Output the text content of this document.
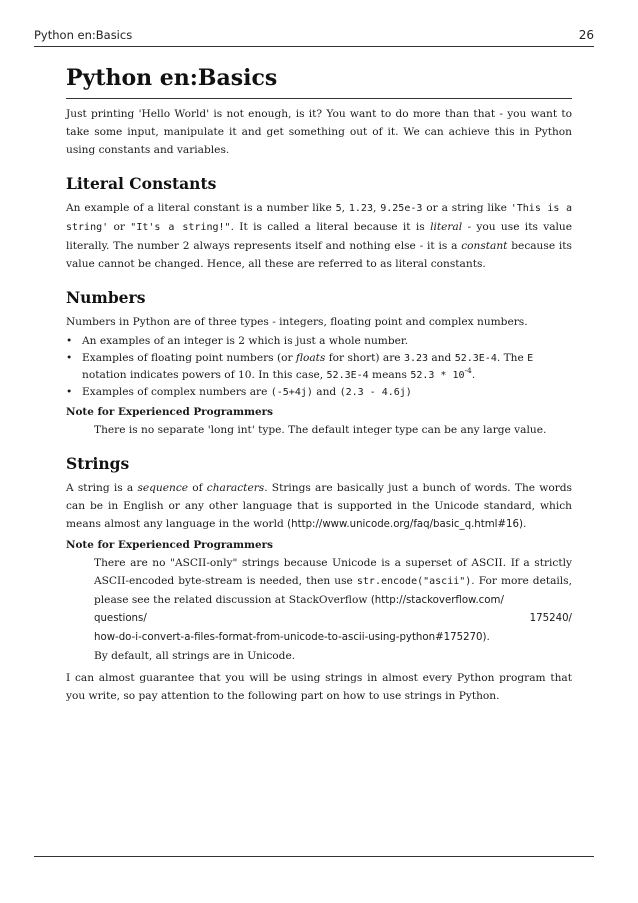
Python en:Basics	26
Python en:Basics

Just printing 'Hello World' is not enough, is it? You want to do more than that - you want to take some input, manipulate it and get something out of it. We can achieve this in Python using constants and variables.

Literal Constants

An example of a literal constant is a number like 5, 1.23, 9.25e-3 or a string like 'This is a string' or "It's a string!". It is called a literal because it is literal - you use its value literally. The number 2 always represents itself and nothing else - it is a constant because its value cannot be changed. Hence, all these are referred to as literal constants.

Numbers

Numbers in Python are of three types - integers, floating point and complex numbers.

• An examples of an integer is 2 which is just a whole number.
• Examples of floating point numbers (or floats for short) are 3.23 and 52.3E-4. The E notation indicates powers of 10. In this case, 52.3E-4 means $52.3 * 10^{-4}$.
• Examples of complex numbers are (-5+4j) and (2.3 - 4.6j)
Note for Experienced Programmers

There is no separate 'long int' type. The default integer type can be any large value.

Strings

A string is a sequence of characters. Strings are basically just a bunch of words. The words can be in English or any other language that is supported in the Unicode standard, which means almost any language in the world (http://www.unicode.org/faq/basic_q.html#16).

Note for Experienced Programmers

There are no "ASCII-only" strings because Unicode is a superset of ASCII. If a strictly ASCII-encoded byte-stream is needed, then use str.encode("ascii"). For more details, please see the related discussion at StackOverflow (http://stackoverflow.com/

questions/	175240/

how-do-i-convert-a-files-format-from-unicode-to-ascii-using-python#175270).

By default, all strings are in Unicode.

I can almost guarantee that you will be using strings in almost every Python program that you write, so pay attention to the following part on how to use strings in Python.
